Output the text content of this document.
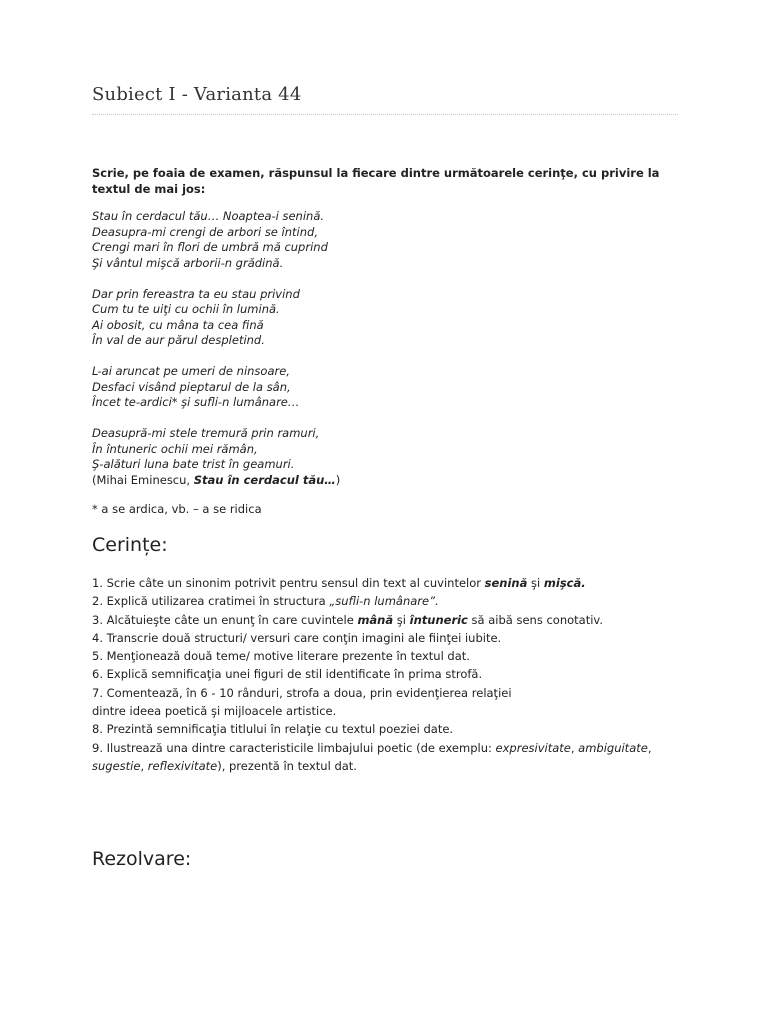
Subiect I - Varianta 44
Scrie, pe foaia de examen, răspunsul la fiecare dintre următoarele cerinţe, cu privire la textul de mai jos:
Stau în cerdacul tău… Noaptea-i senină.
Deasupra-mi crengi de arbori se întind,
Crengi mari în flori de umbră mă cuprind
Şi vântul mişcă arborii-n grădină.
Dar prin fereastra ta eu stau privind
Cum tu te uiţi cu ochii în lumină.
Ai obosit, cu mâna ta cea fină
În val de aur părul despletind.
L-ai aruncat pe umeri de ninsoare,
Desfaci visând pieptarul de la sân,
Încet te-ardici* şi sufli-n lumânare…
Deasupră-mi stele tremură prin ramuri,
În întuneric ochii mei rămân,
Ş-alături luna bate trist în geamuri.
(Mihai Eminescu, Stau în cerdacul tău…)
* a se ardica, vb. – a se ridica
Cerințe:
1. Scrie câte un sinonim potrivit pentru sensul din text al cuvintelor senină şi mişcă.
2. Explică utilizarea cratimei în structura „sufli-n lumânare”.
3. Alcătuieşte câte un enunţ în care cuvintele mână şi întuneric să aibă sens conotativ.
4. Transcrie două structuri/ versuri care conţin imagini ale fiinţei iubite.
5. Menţionează două teme/ motive literare prezente în textul dat.
6. Explică semnificaţia unei figuri de stil identificate în prima strofă.
7. Comentează, în 6 - 10 rânduri, strofa a doua, prin evidenţierea relaţiei
dintre ideea poetică şi mijloacele artistice.
8. Prezintă semnificaţia titlului în relaţie cu textul poeziei date.
9. Ilustrează una dintre caracteristicile limbajului poetic (de exemplu: expresivitate, ambiguitate,
sugestie, reflexivitate), prezentă în textul dat.
Rezolvare:
